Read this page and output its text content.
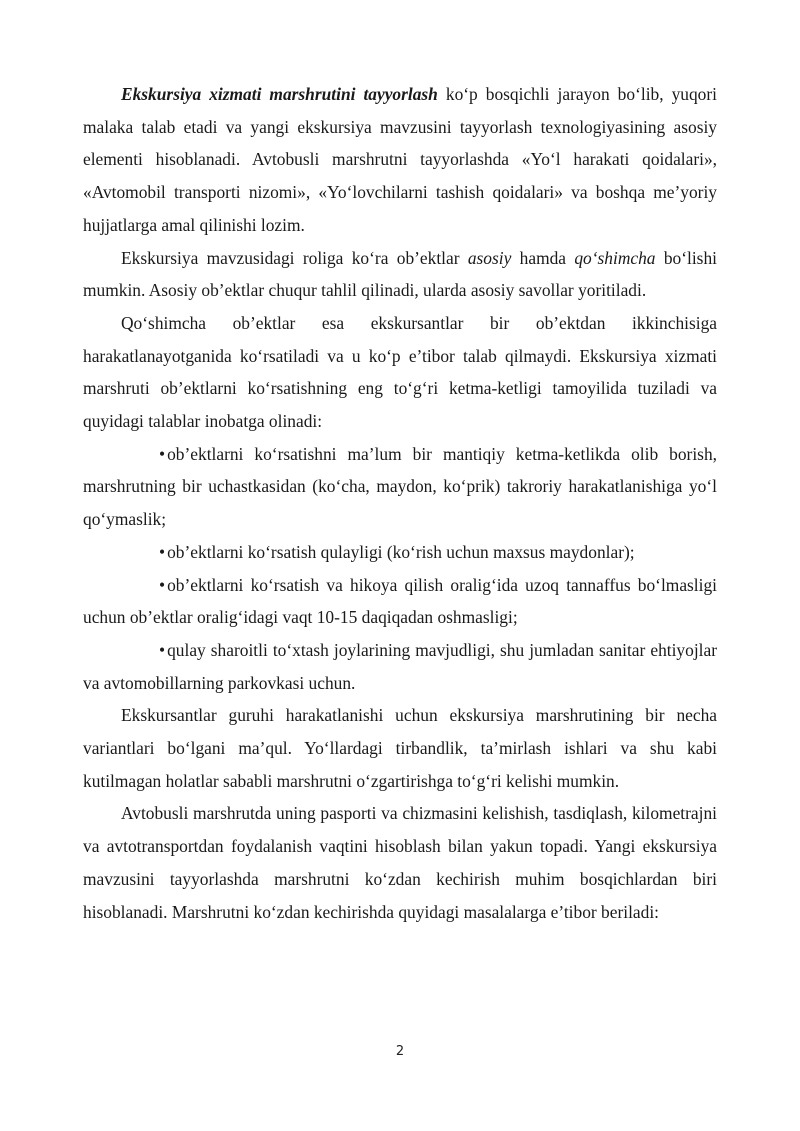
Ekskursiya xizmati marshrutini tayyorlash ko‘p bosqichli jarayon bo‘lib, yuqori malaka talab etadi va yangi ekskursiya mavzusini tayyorlash texnologiyasining asosiy elementi hisoblanadi. Avtobusli marshrutni tayyorlashda «Yo‘l harakati qoidalari», «Avtomobil transporti nizomi», «Yo‘lovchilarni tashish qoidalari» va boshqa me’yoriy hujjatlarga amal qilinishi lozim.

Ekskursiya mavzusidagi roliga ko‘ra ob’ektlar asosiy hamda qo‘shimcha bo‘lishi mumkin. Asosiy ob’ektlar chuqur tahlil qilinadi, ularda asosiy savollar yoritiladi.

Qo‘shimcha ob’ektlar esa ekskursantlar bir ob’ektdan ikkinchisiga harakatlanayotganida ko‘rsatiladi va u ko‘p e’tibor talab qilmaydi. Ekskursiya xizmati marshruti ob’ektlarni ko‘rsatishning eng to‘g‘ri ketma-ketligi tamoyilida tuziladi va quyidagi talablar inobatga olinadi:

• ob’ektlarni ko‘rsatishni ma’lum bir mantiqiy ketma-ketlikda olib borish, marshrutning bir uchastkasidan (ko‘cha, maydon, ko‘prik) takroriy harakatlanishiga yo‘l qo‘ymaslik;

• ob’ektlarni ko‘rsatish qulayligi (ko‘rish uchun maxsus maydonlar);

• ob’ektlarni ko‘rsatish va hikoya qilish oralig‘ida uzoq tannaffus bo‘lmasligi uchun ob’ektlar oralig‘idagi vaqt 10-15 daqiqadan oshmasligi;

• qulay sharoitli to‘xtash joylarining mavjudligi, shu jumladan sanitar ehtiyojlar va avtomobillarning parkovkasi uchun.

Ekskursantlar guruhi harakatlanishi uchun ekskursiya marshrutining bir necha variantlari bo‘lgani ma’qul. Yo‘llardagi tirbandlik, ta’mirlash ishlari va shu kabi kutilmagan holatlar sababli marshrutni o‘zgartirishga to‘g‘ri kelishi mumkin.

Avtobusli marshrutda uning pasporti va chizmasini kelishish, tasdiqlash, kilometrajni va avtotransportdan foydalanish vaqtini hisoblash bilan yakun topadi. Yangi ekskursiya mavzusini tayyorlashda marshrutni ko‘zdan kechirish muhim bosqichlardan biri hisoblanadi. Marshrutni ko‘zdan kechirishda quyidagi masalalarga e’tibor beriladi:

2
